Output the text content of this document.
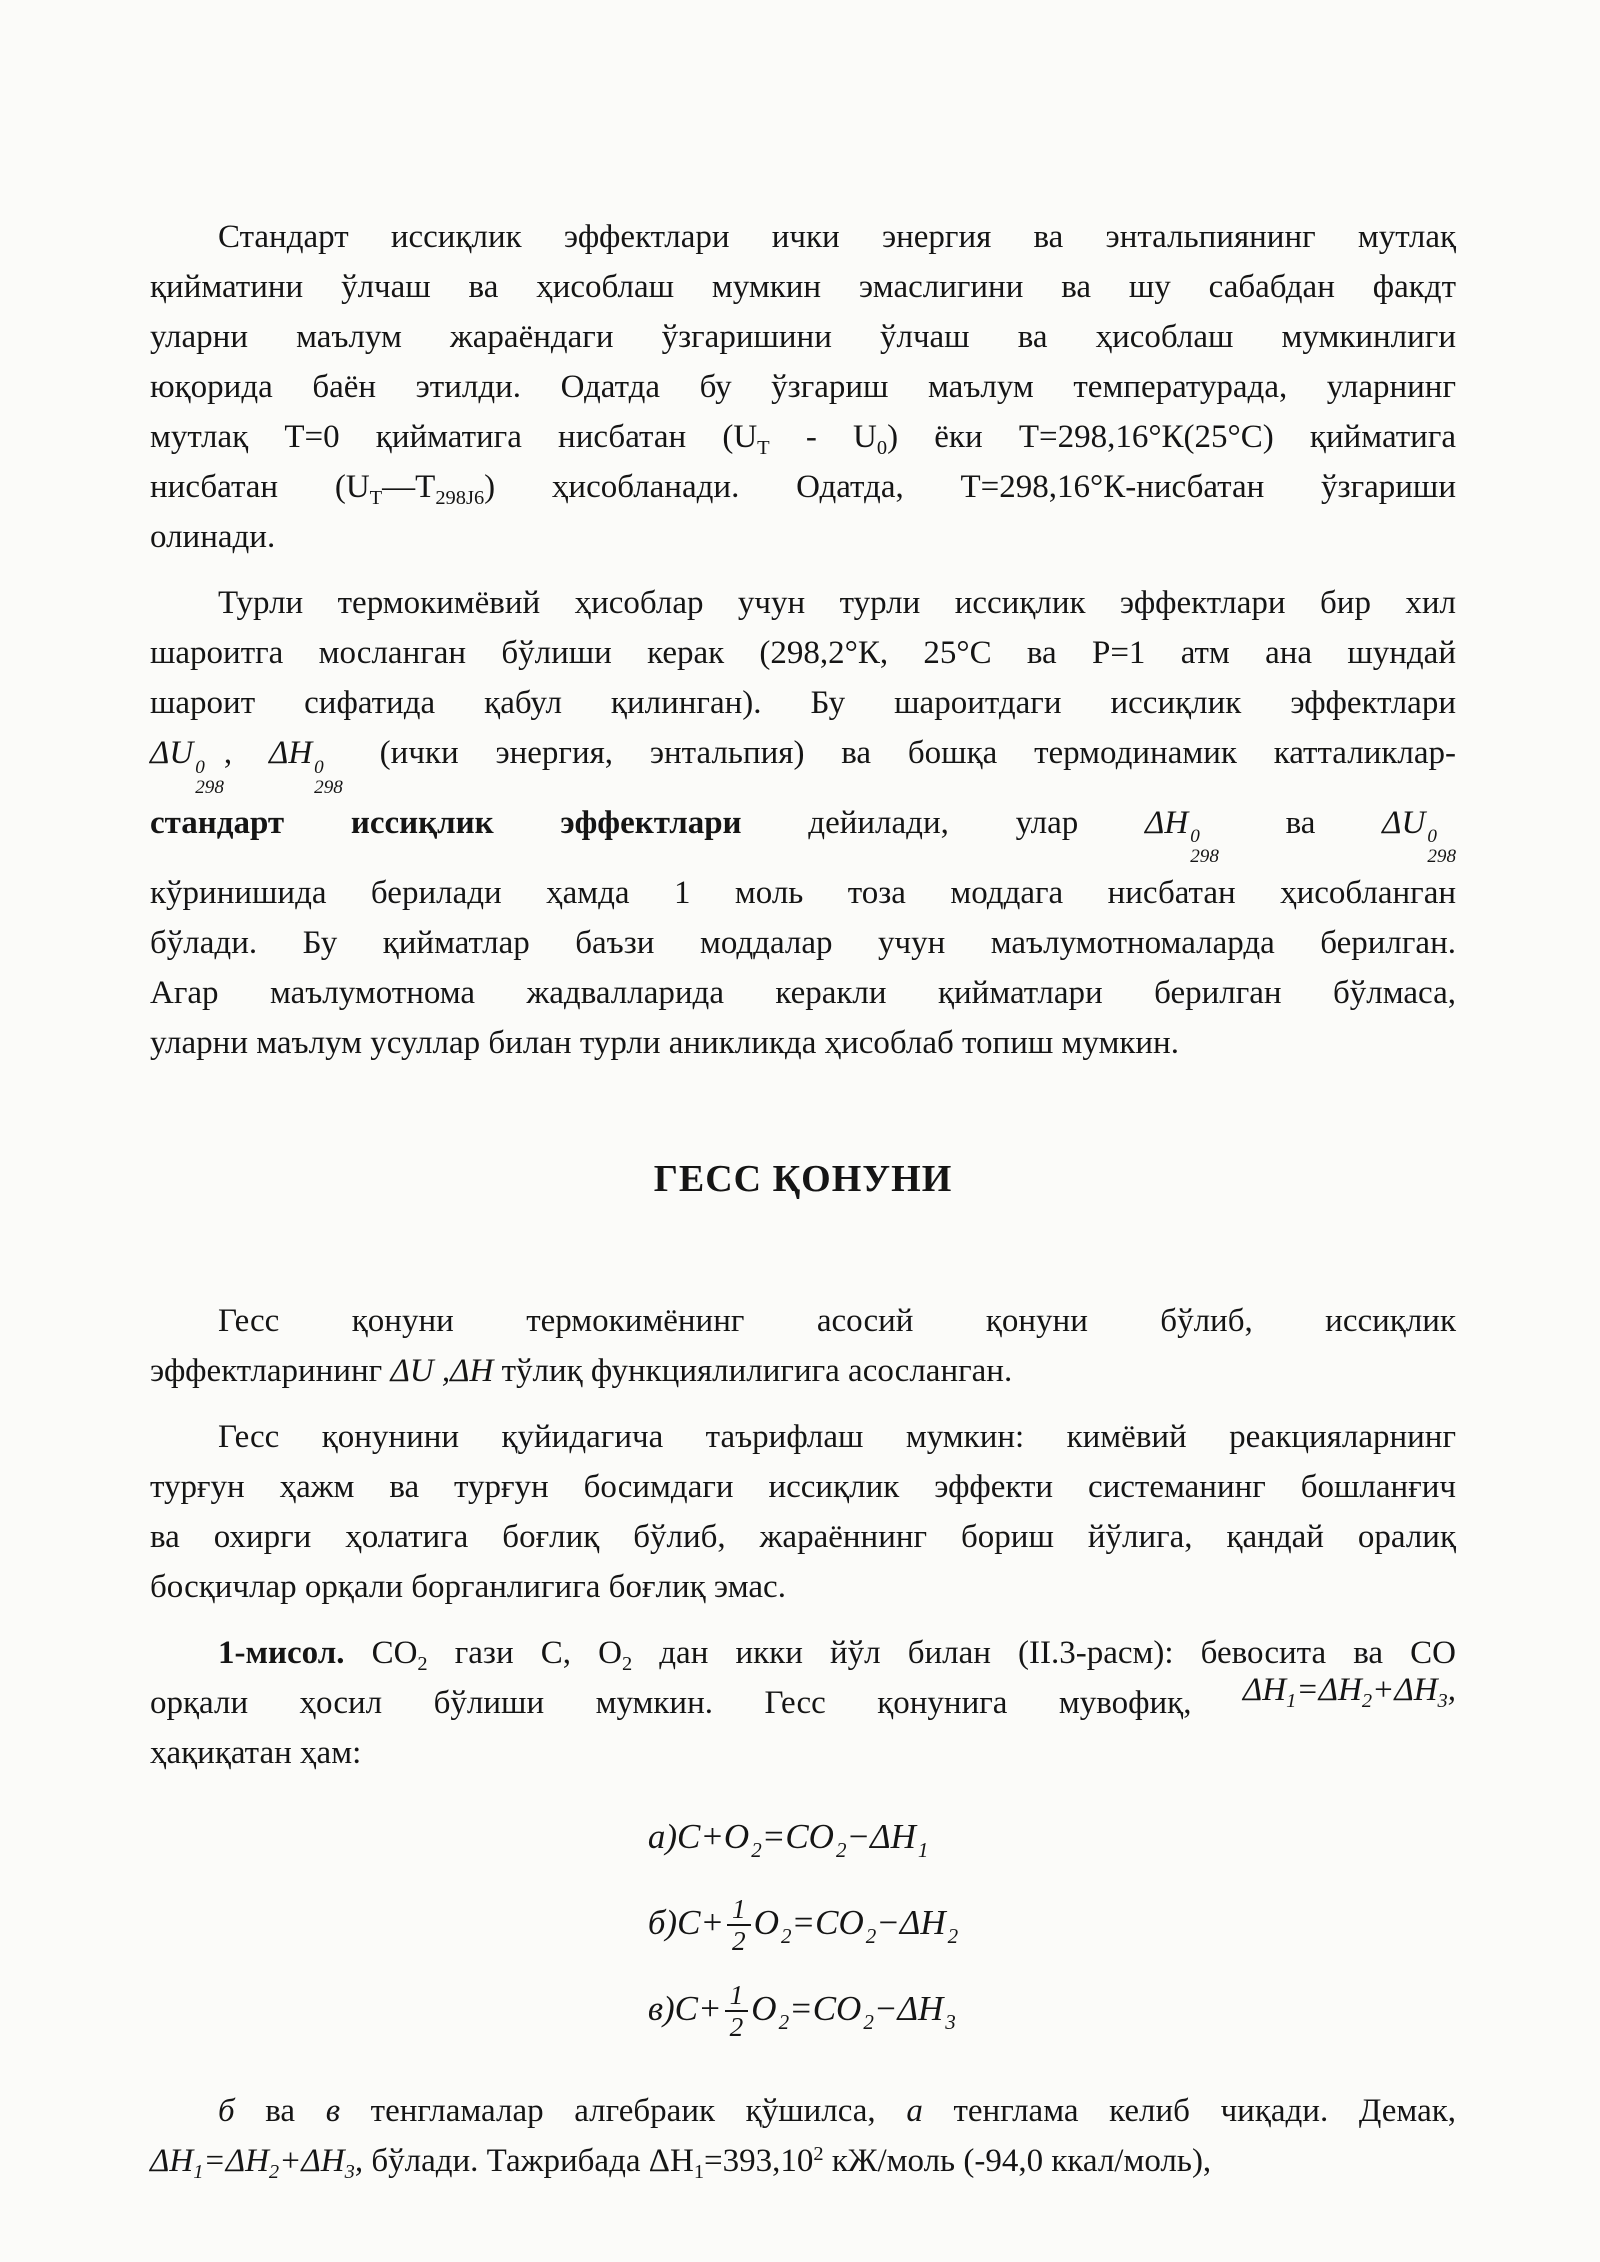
Стандарт иссиқлик эффектлари ички энергия ва энтальпиянинг мутлақ
қийматини ўлчаш ва ҳисоблаш мумкин эмаслигини ва шу сабабдан факдт
уларни маълум жараёндаги ўзгаришини ўлчаш ва ҳисоблаш мумкинлиги
юқорида баён этилди. Одатда бу ўзгариш маълум температурада, уларнинг
мутлақ Т=0 қийматига нисбатан $(U_Т - U_0)$ ёки Т=298,16°К(25°С) қийматига
нисбатан $(U_Т—Т_{298J6})$ ҳисобланади. Одатда, Т=298,16°К-нисбатан ўзгариши
олинади.
Турли термокимёвий ҳисоблар учун турли иссиқлик эффектлари бир хил
шароитга мосланган бўлиши керак (298,2°К, 25°С ва Р=1 атм ана шундай
шароит сифатида қабул қилинган). Бу шароитдаги иссиқлик эффектлари
ΔU 0
298
, ΔH 0
298
(ички энергия, энтальпия) ва бошқа термодинамик катталиклар-
стандарт иссиқлик эффектлари дейилади, улар ΔH 0
298
ва ΔU 0
298
кўринишида берилади ҳамда 1 моль тоза моддага нисбатан ҳисобланган
бўлади. Бу қийматлар баъзи моддалар учун маълумотномаларда берилган.
Агар маълумотнома жадвалларида керакли қийматлари берилган бўлмаса,
уларни маълум усуллар билан турли аникликда ҳисоблаб топиш мумкин.
ГЕСС ҚОНУНИ
Гесс қонуни термокимёнинг асосий қонуни бўлиб, иссиқлик
эффектларининг ΔU ,ΔH тўлиқ функциялилигига асосланган.
Гесс қонунини қуйидагича таърифлаш мумкин: кимёвий реакцияларнинг
турғун ҳажм ва турғун босимдаги иссиқлик эффекти системанинг бошланғич
ва охирги ҳолатига боғлиқ бўлиб, жараённинг бориш йўлига, қандай оралиқ
босқичлар орқали борганлигига боғлиқ эмас.
1-мисол. $CO_2$ гази C, $O_2$ дан икки йўл билан (II.3-расм): бевосита ва CO
орқали ҳосил бўлиши мумкин. Гесс қонунига мувофиқ, $\Delta H_1=\Delta H_2+\Delta H_3$,
ҳақиқатан ҳам:
$а)C+O_2=CO_2-\Delta H_1$
$б)C+ \frac{1}{2} O_2=CO_2-\Delta H_2$
$в)C+ \frac{1}{2} O_2=CO_2-\Delta H_3$
б ва в тенгламалар алгебраик қўшилса, а тенглама келиб чиқади. Демак,
$\Delta H_1=\Delta H_2+\Delta H_3$, бўлади. Тажрибада $\Delta Н_1=393,10^2$ кЖ/моль (-94,0 ккал/моль),
